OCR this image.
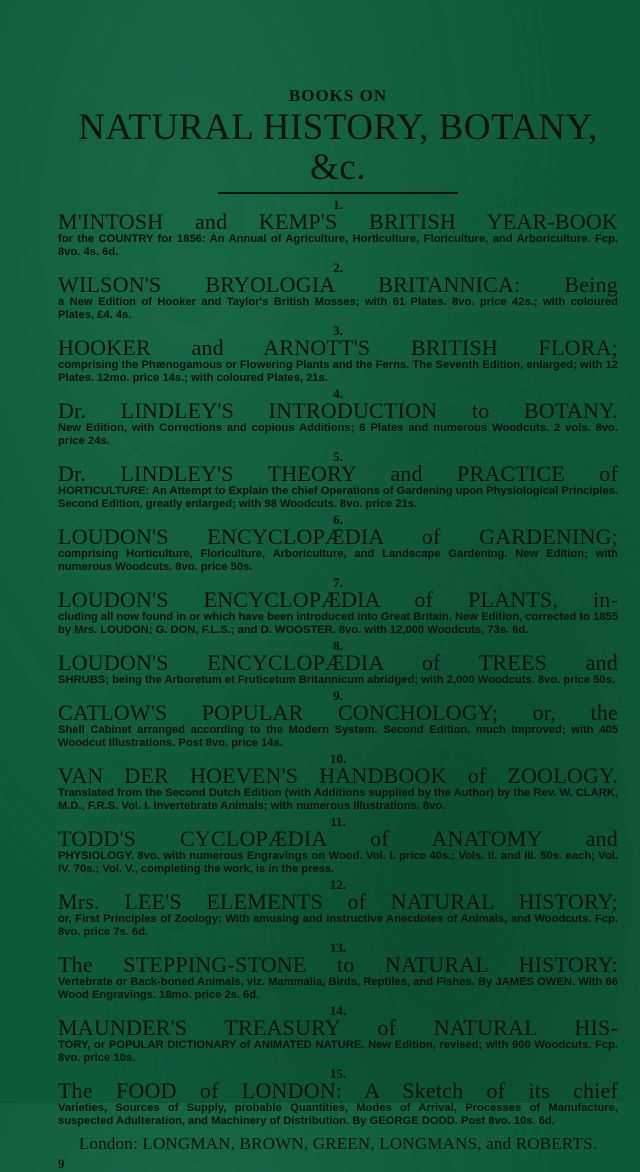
BOOKS ON
NATURAL HISTORY, BOTANY, &c.
1.
M'INTOSH and KEMP'S BRITISH YEAR-BOOK
for the COUNTRY for 1856: An Annual of Agriculture, Horticulture, Floriculture, and Arboriculture. Fcp. 8vo. 4s. 6d.
2.
WILSON'S BRYOLOGIA BRITANNICA: Being
a New Edition of Hooker and Taylor's British Mosses; with 61 Plates. 8vo. price 42s.; with coloured Plates, £4. 4s.
3.
HOOKER and ARNOTT'S BRITISH FLORA;
comprising the Phænogamous or Flowering Plants and the Ferns. The Seventh Edition, enlarged; with 12 Plates. 12mo. price 14s.; with coloured Plates, 21s.
4.
Dr. LINDLEY'S INTRODUCTION to BOTANY.
New Edition, with Corrections and copious Additions; 6 Plates and numerous Woodcuts. 2 vols. 8vo. price 24s.
5.
Dr. LINDLEY'S THEORY and PRACTICE of
HORTICULTURE: An Attempt to Explain the chief Operations of Gardening upon Physiological Principles. Second Edition, greatly enlarged; with 98 Woodcuts. 8vo. price 21s.
6.
LOUDON'S ENCYCLOPÆDIA of GARDENING;
comprising Horticulture, Floriculture, Arboriculture, and Landscape Gardening. New Edition; with numerous Woodcuts. 8vo. price 50s.
7.
LOUDON'S ENCYCLOPÆDIA of PLANTS, in-
cluding all now found in or which have been introduced into Great Britain. New Edition, corrected to 1855 by Mrs. LOUDON; G. DON, F.L.S.; and D. WOOSTER. 8vo. with 12,000 Woodcuts, 73s. 6d.
8.
LOUDON'S ENCYCLOPÆDIA of TREES and
SHRUBS; being the Arboretum et Fruticetum Britannicum abridged; with 2,000 Woodcuts. 8vo. price 50s.
9.
CATLOW'S POPULAR CONCHOLOGY; or, the
Shell Cabinet arranged according to the Modern System. Second Edition, much improved; with 405 Woodcut Illustrations. Post 8vo. price 14s.
10.
VAN DER HOEVEN'S HANDBOOK of ZOOLOGY.
Translated from the Second Dutch Edition (with Additions supplied by the Author) by the Rev. W. CLARK, M.D., F.R.S. Vol. I. Invertebrate Animals; with numerous Illustrations. 8vo.
11.
TODD'S CYCLOPÆDIA of ANATOMY and
PHYSIOLOGY. 8vo. with numerous Engravings on Wood. Vol. I. price 40s.; Vols. II. and III. 50s. each; Vol. IV. 70s.; Vol. V., completing the work, is in the press.
12.
Mrs. LEE'S ELEMENTS of NATURAL HISTORY;
or, First Principles of Zoology: With amusing and instructive Anecdotes of Animals, and Woodcuts. Fcp. 8vo. price 7s. 6d.
13.
The STEPPING-STONE to NATURAL HISTORY:
Vertebrate or Back-boned Animals, viz. Mammalia, Birds, Reptiles, and Fishes. By JAMES OWEN. With 66 Wood Engravings. 18mo. price 2s. 6d.
14.
MAUNDER'S TREASURY of NATURAL HIS-
TORY, or POPULAR DICTIONARY of ANIMATED NATURE. New Edition, revised; with 900 Woodcuts. Fcp. 8vo. price 10s.
15.
The FOOD of LONDON: A Sketch of its chief
Varieties, Sources of Supply, probable Quantities, Modes of Arrival, Processes of Manufacture, suspected Adulteration, and Machinery of Distribution. By GEORGE DODD. Post 8vo. 10s. 6d.
London: LONGMAN, BROWN, GREEN, LONGMANS, and ROBERTS.
9
